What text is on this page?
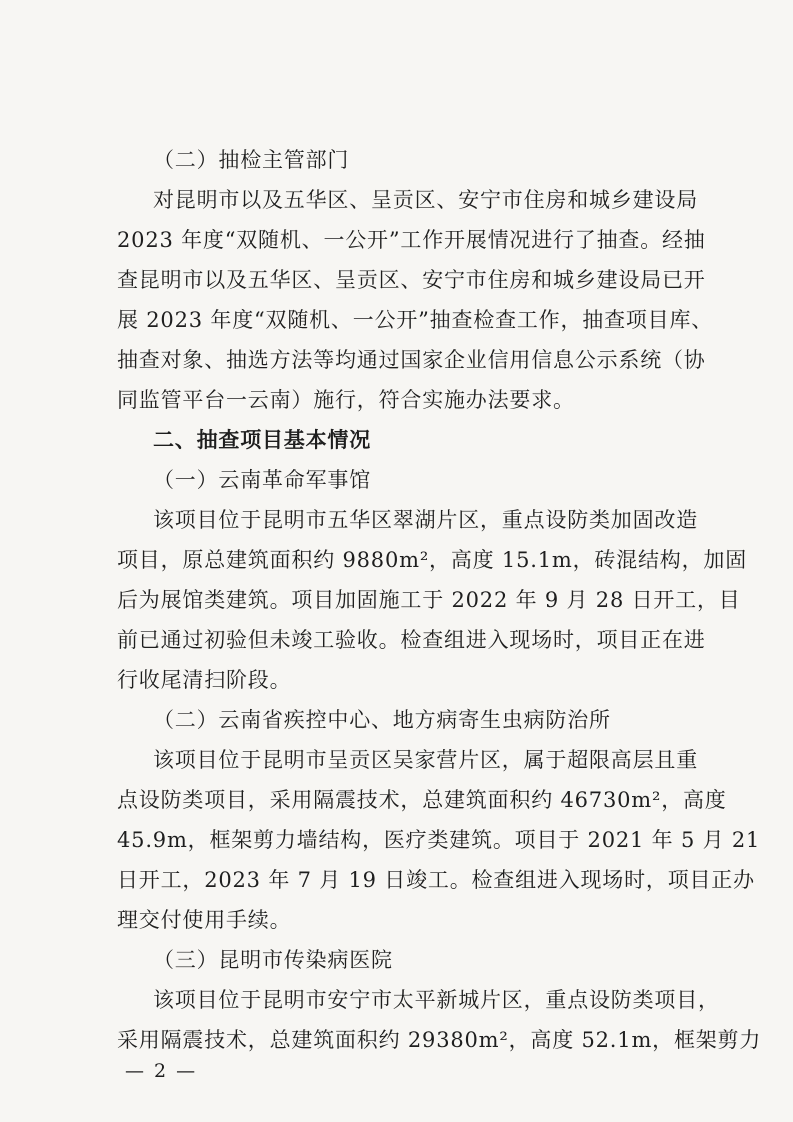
（二）抽检主管部门
对昆明市以及五华区、呈贡区、安宁市住房和城乡建设局
2023 年度“双随机、一公开”工作开展情况进行了抽查。经抽
查昆明市以及五华区、呈贡区、安宁市住房和城乡建设局已开
展 2023 年度“双随机、一公开”抽查检查工作，抽查项目库、
抽查对象、抽选方法等均通过国家企业信用信息公示系统（协
同监管平台一云南）施行，符合实施办法要求。
二、抽查项目基本情况
（一）云南革命军事馆
该项目位于昆明市五华区翠湖片区，重点设防类加固改造
项目，原总建筑面积约 9880m²，高度 15.1m，砖混结构，加固
后为展馆类建筑。项目加固施工于 2022 年 9 月 28 日开工，目
前已通过初验但未竣工验收。检查组进入现场时，项目正在进
行收尾清扫阶段。
（二）云南省疾控中心、地方病寄生虫病防治所
该项目位于昆明市呈贡区吴家营片区，属于超限高层且重
点设防类项目，采用隔震技术，总建筑面积约 46730m²，高度
45.9m，框架剪力墙结构，医疗类建筑。项目于 2021 年 5 月 21
日开工，2023 年 7 月 19 日竣工。检查组进入现场时，项目正办
理交付使用手续。
（三）昆明市传染病医院
该项目位于昆明市安宁市太平新城片区，重点设防类项目，
采用隔震技术，总建筑面积约 29380m²，高度 52.1m，框架剪力
— 2 —
